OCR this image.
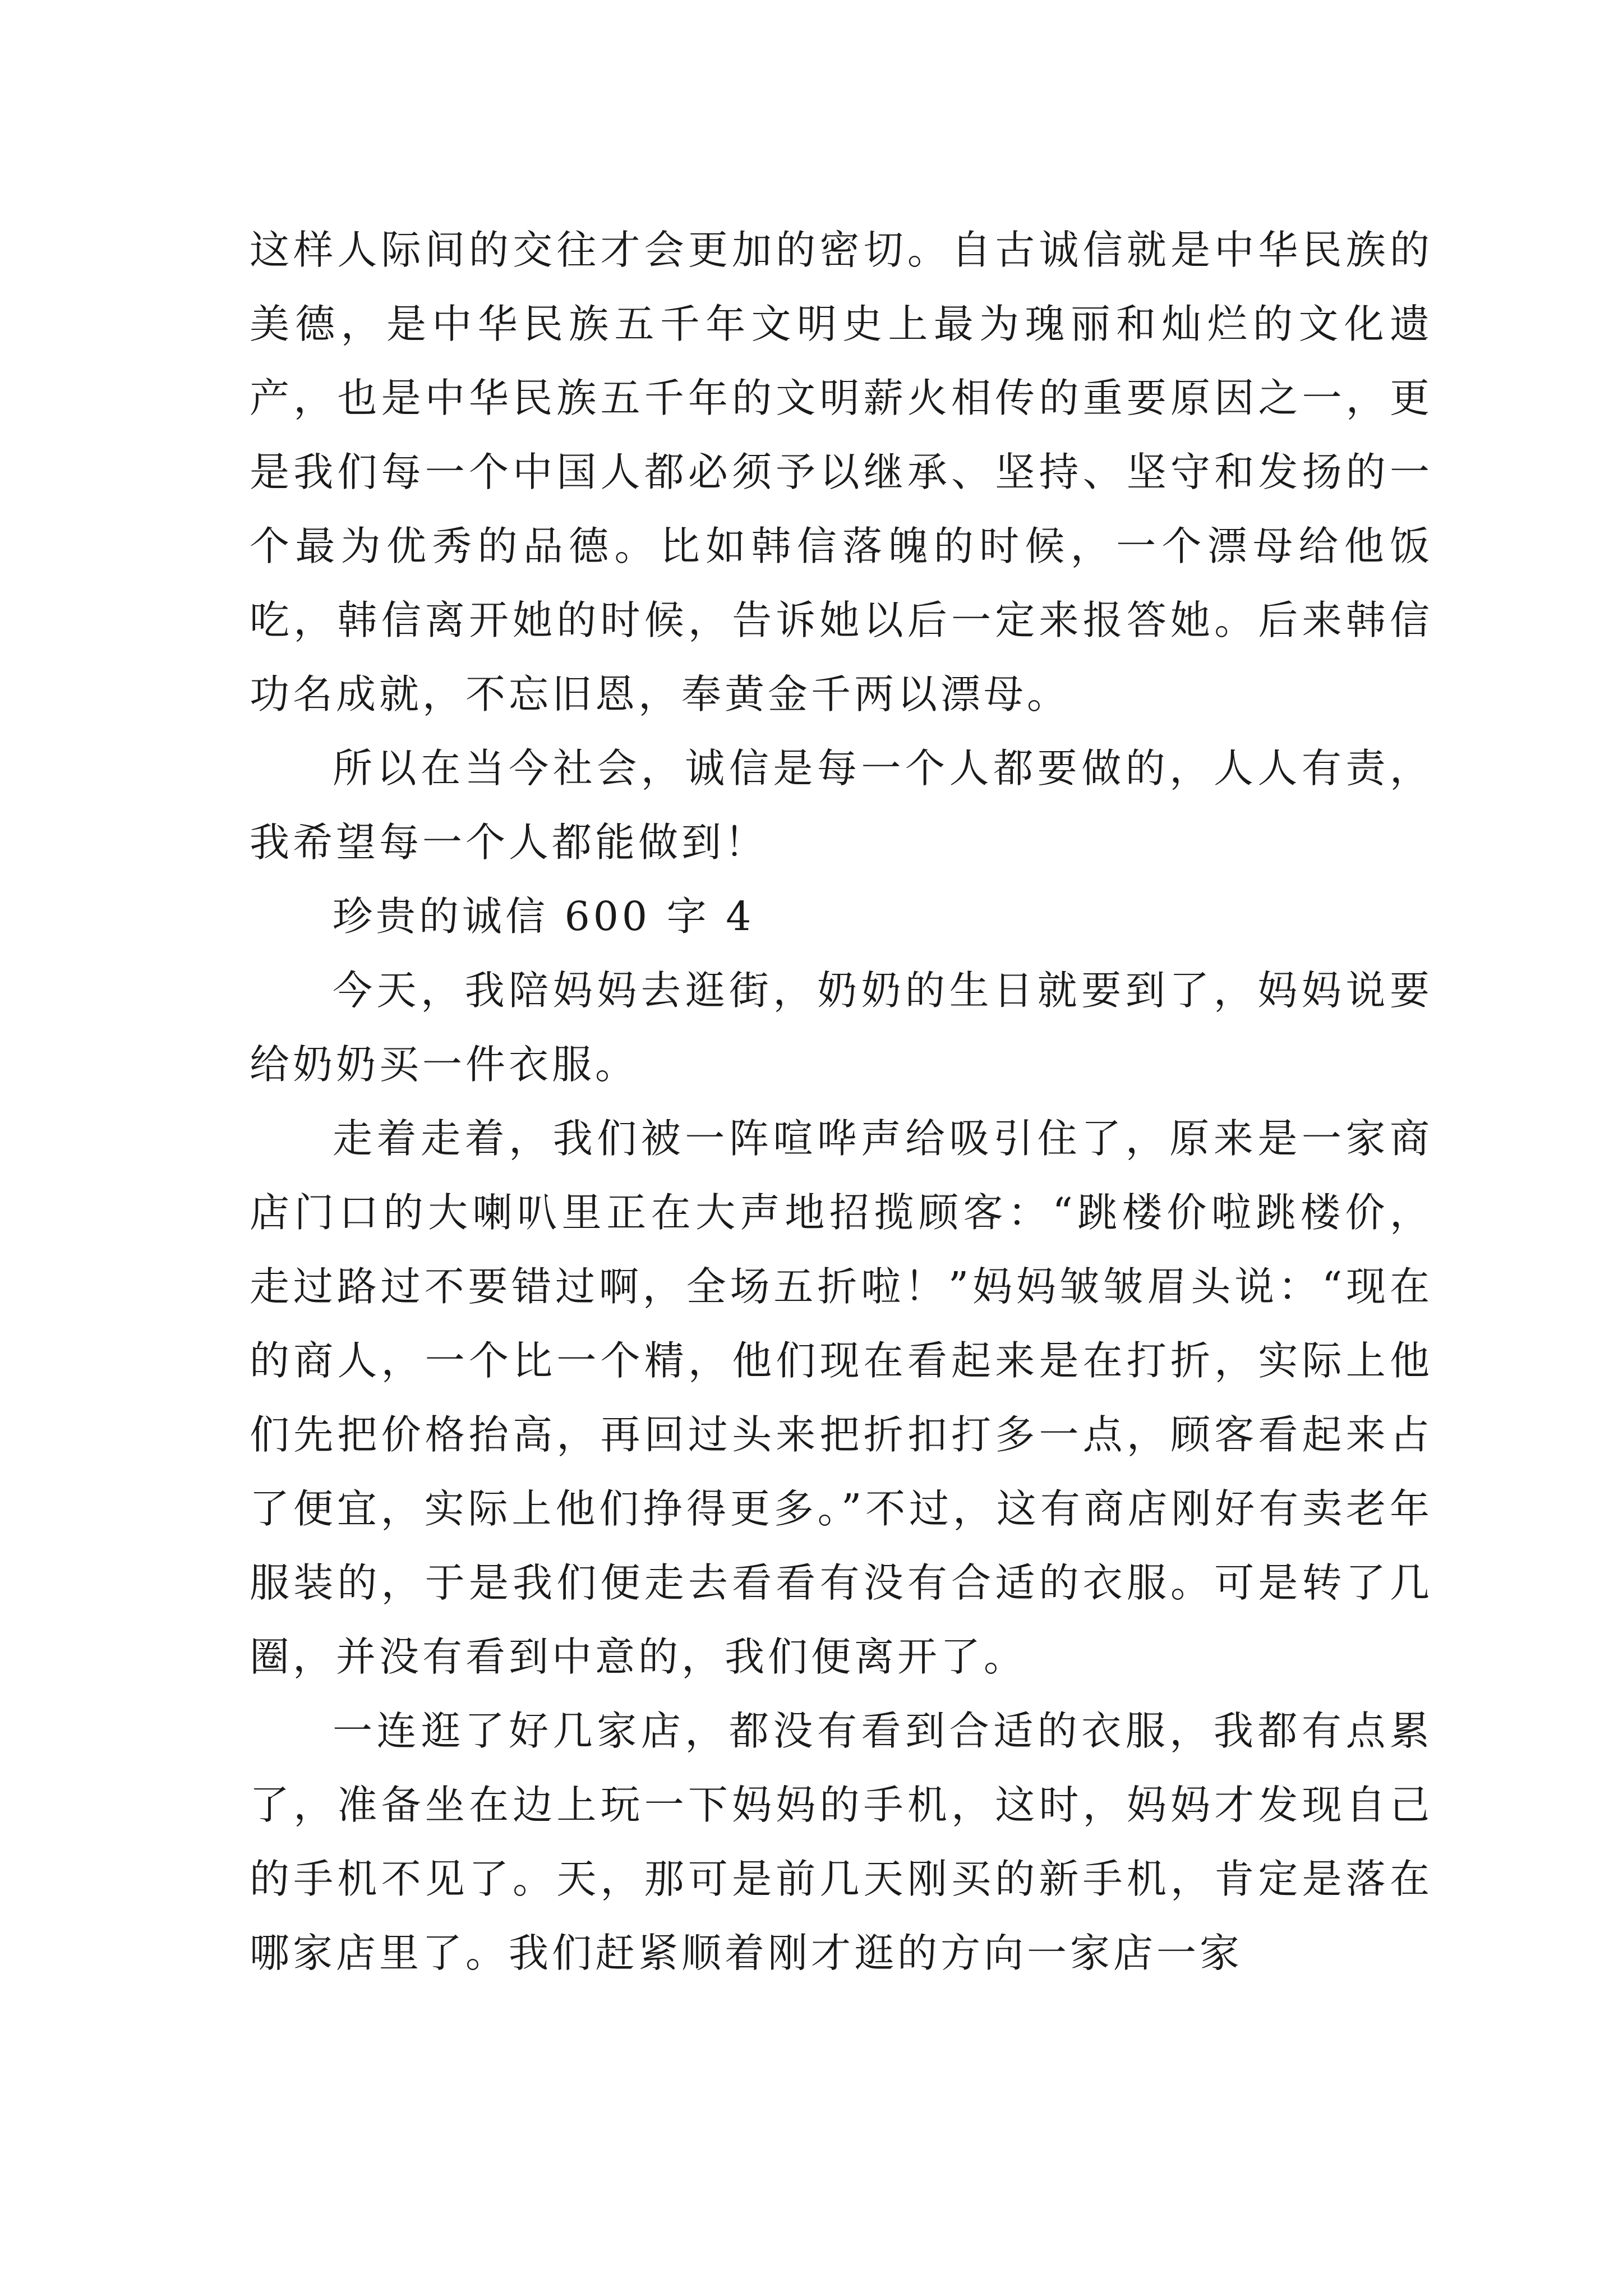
这样人际间的交往才会更加的密切。自古诚信就是中华民族的美德，是中华民族五千年文明史上最为瑰丽和灿烂的文化遗产，也是中华民族五千年的文明薪火相传的重要原因之一，更是我们每一个中国人都必须予以继承、坚持、坚守和发扬的一个最为优秀的品德。比如韩信落魄的时候，一个漂母给他饭吃，韩信离开她的时候，告诉她以后一定来报答她。后来韩信功名成就，不忘旧恩，奉黄金千两以漂母。

所以在当今社会，诚信是每一个人都要做的，人人有责，我希望每一个人都能做到！

珍贵的诚信 600 字 4

今天，我陪妈妈去逛街，奶奶的生日就要到了，妈妈说要给奶奶买一件衣服。

走着走着，我们被一阵喧哗声给吸引住了，原来是一家商店门口的大喇叭里正在大声地招揽顾客：“跳楼价啦跳楼价，走过路过不要错过啊，全场五折啦！”妈妈皱皱眉头说：“现在的商人，一个比一个精，他们现在看起来是在打折，实际上他们先把价格抬高，再回过头来把折扣打多一点，顾客看起来占了便宜，实际上他们挣得更多。”不过，这有商店刚好有卖老年服装的，于是我们便走去看看有没有合适的衣服。可是转了几圈，并没有看到中意的，我们便离开了。

一连逛了好几家店，都没有看到合适的衣服，我都有点累了，准备坐在边上玩一下妈妈的手机，这时，妈妈才发现自己的手机不见了。天，那可是前几天刚买的新手机，肯定是落在哪家店里了。我们赶紧顺着刚才逛的方向一家店一家
